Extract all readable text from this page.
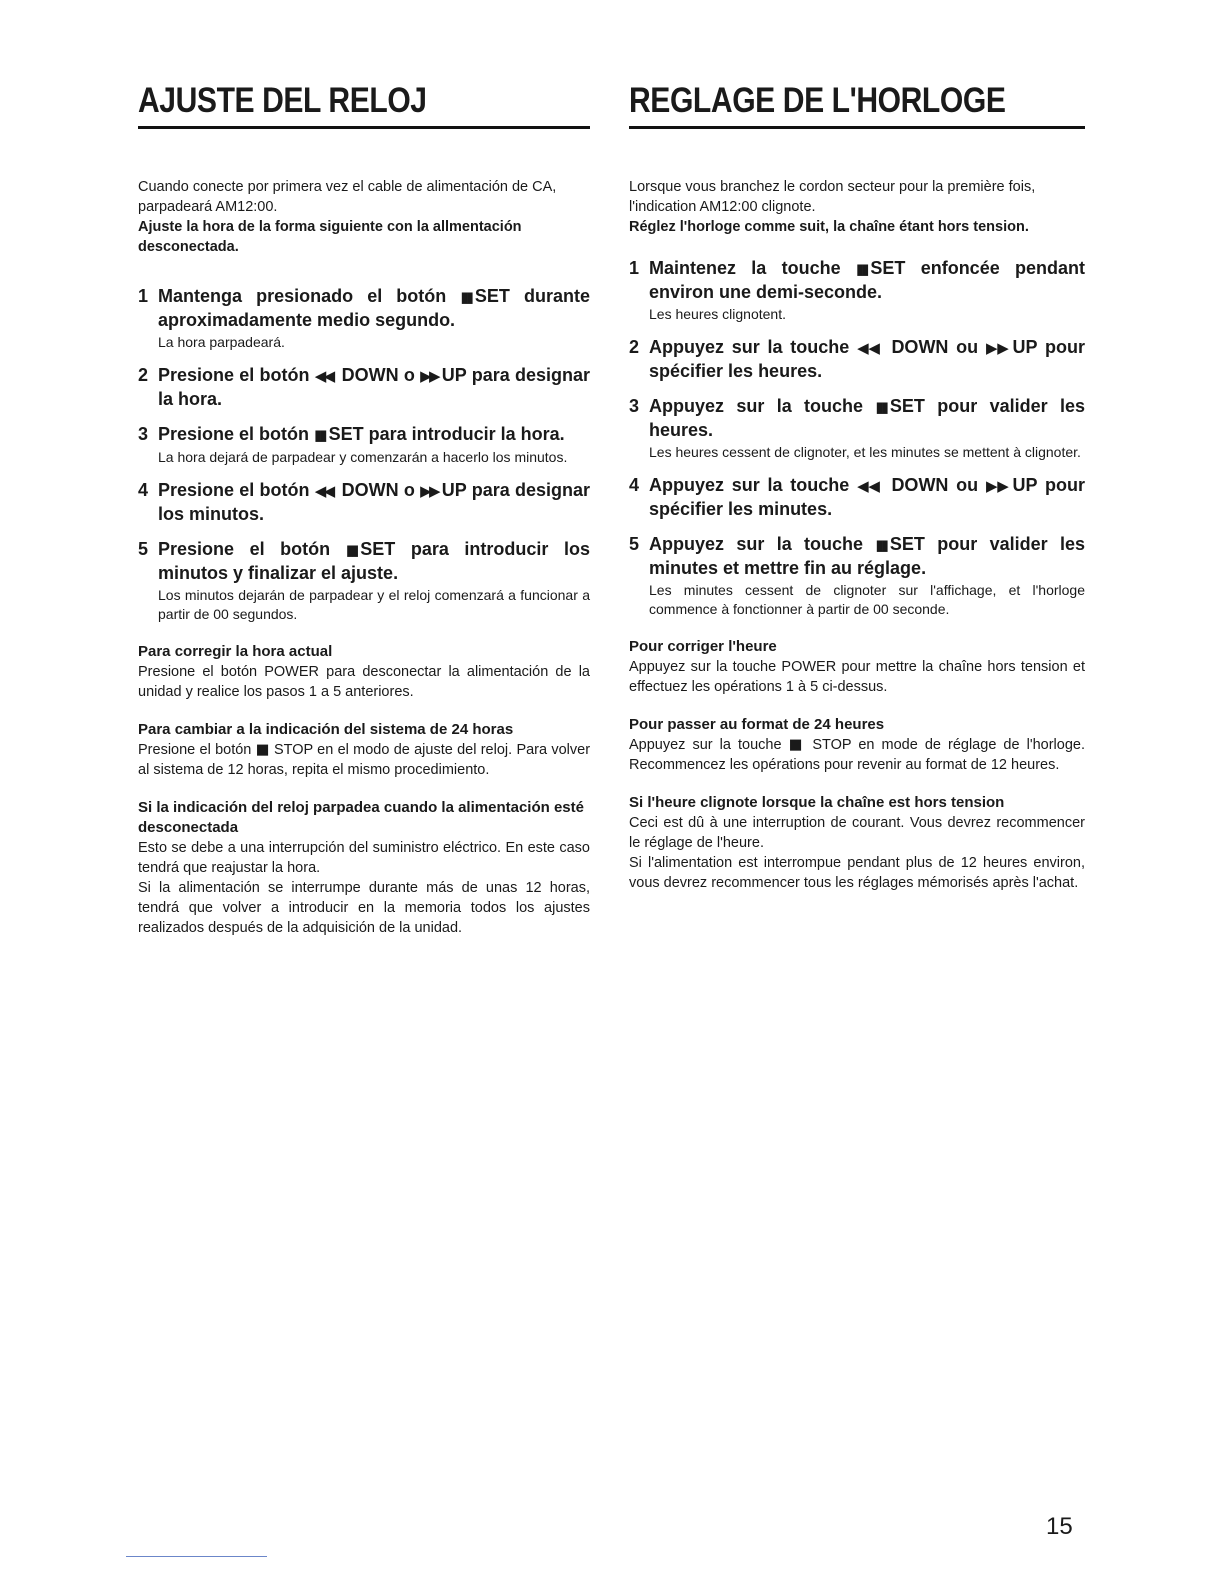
AJUSTE DEL RELOJ
Cuando conecte por primera vez el cable de alimentación de CA, parpadeará AM12:00.
Ajuste la hora de la forma siguiente con la allmentación desconectada.
1 Mantenga presionado el botón ▮▮ SET durante aproximadamente medio segundo.
La hora parpadeará.
2 Presione el botón ◀◀ DOWN o ▶▶ UP para designar la hora.
3 Presione el botón ▮▮ SET para introducir la hora.
La hora dejará de parpadear y comenzarán a hacerlo los minutos.
4 Presione el botón ◀◀ DOWN o ▶▶ UP para designar los minutos.
5 Presione el botón ▮▮ SET para introducir los minutos y finalizar el ajuste.
Los minutos dejarán de parpadear y el reloj comenzará a funcionar a partir de 00 segundos.
Para corregir la hora actual
Presione el botón POWER para desconectar la alimentación de la unidad y realice los pasos 1 a 5 anteriores.
Para cambiar a la indicación del sistema de 24 horas
Presione el botón ■ STOP en el modo de ajuste del reloj. Para volver al sistema de 12 horas, repita el mismo procedimiento.
Si la indicación del reloj parpadea cuando la alimentación esté desconectada
Esto se debe a una interrupción del suministro eléctrico. En este caso tendrá que reajustar la hora.
Si la alimentación se interrumpe durante más de unas 12 horas, tendrá que volver a introducir en la memoria todos los ajustes realizados después de la adquisición de la unidad.
REGLAGE DE L'HORLOGE
Lorsque vous branchez le cordon secteur pour la première fois, l'indication AM12:00 clignote.
Réglez l'horloge comme suit, la chaîne étant hors tension.
1 Maintenez la touche ▮▮ SET enfoncée pendant environ une demi-seconde.
Les heures clignotent.
2 Appuyez sur la touche ◀◀ DOWN ou ▶▶ UP pour spécifier les heures.
3 Appuyez sur la touche ▮▮ SET pour valider les heures.
Les heures cessent de clignoter, et les minutes se mettent à clignoter.
4 Appuyez sur la touche ◀◀ DOWN ou ▶▶ UP pour spécifier les minutes.
5 Appuyez sur la touche ▮▮ SET pour valider les minutes et mettre fin au réglage.
Les minutes cessent de clignoter sur l'affichage, et l'horloge commence à fonctionner à partir de 00 seconde.
Pour corriger l'heure
Appuyez sur la touche POWER pour mettre la chaîne hors tension et effectuez les opérations 1 à 5 ci-dessus.
Pour passer au format de 24 heures
Appuyez sur la touche ■ STOP en mode de réglage de l'horloge. Recommencez les opérations pour revenir au format de 12 heures.
Si l'heure clignote lorsque la chaîne est hors tension
Ceci est dû à une interruption de courant. Vous devrez recommencer le réglage de l'heure.
Si l'alimentation est interrompue pendant plus de 12 heures environ, vous devrez recommencer tous les réglages mémorisés après l'achat.
15
